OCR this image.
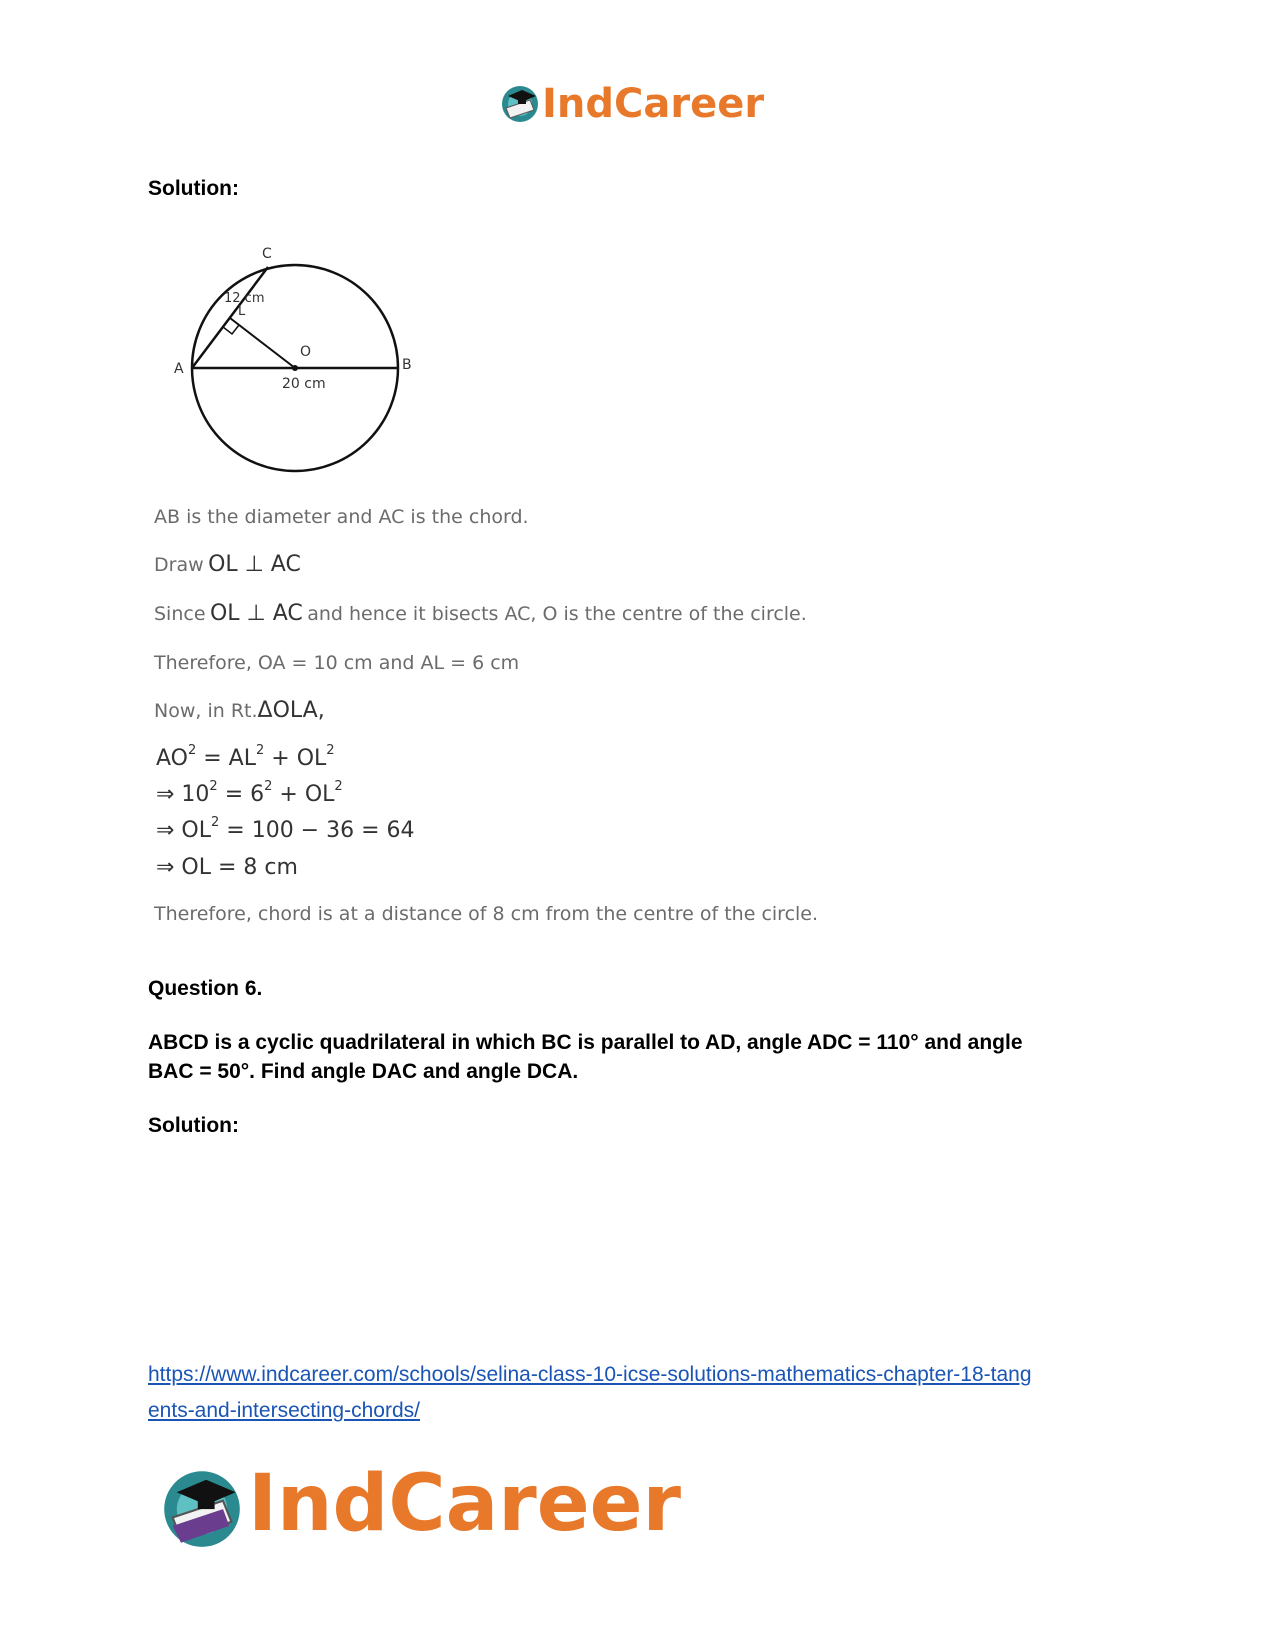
IndCareer
Solution:
C
L
O
A	B
12 cm
20 cm
AB is the diameter and AC is the chord.
Draw OL ⊥ AC
Since OL ⊥ AC and hence it bisects AC, O is the centre of the circle.
Therefore, OA = 10 cm and AL = 6 cm
Now, in Rt.ΔOLA,
$AO^2 = AL^2 + OL^2$
⇒ $10^2 = 6^2 + OL^2$
⇒ $OL^2 = 100 - 36 = 64$
⇒ OL = 8 cm
Therefore, chord is at a distance of 8 cm from the centre of the circle.
Question 6.
ABCD is a cyclic quadrilateral in which BC is parallel to AD, angle ADC = 110° and angle
BAC = 50°. Find angle DAC and angle DCA.
Solution:
https://www.indcareer.com/schools/selina-class-10-icse-solutions-mathematics-chapter-18-tang
ents-and-intersecting-chords/
IndCareer
